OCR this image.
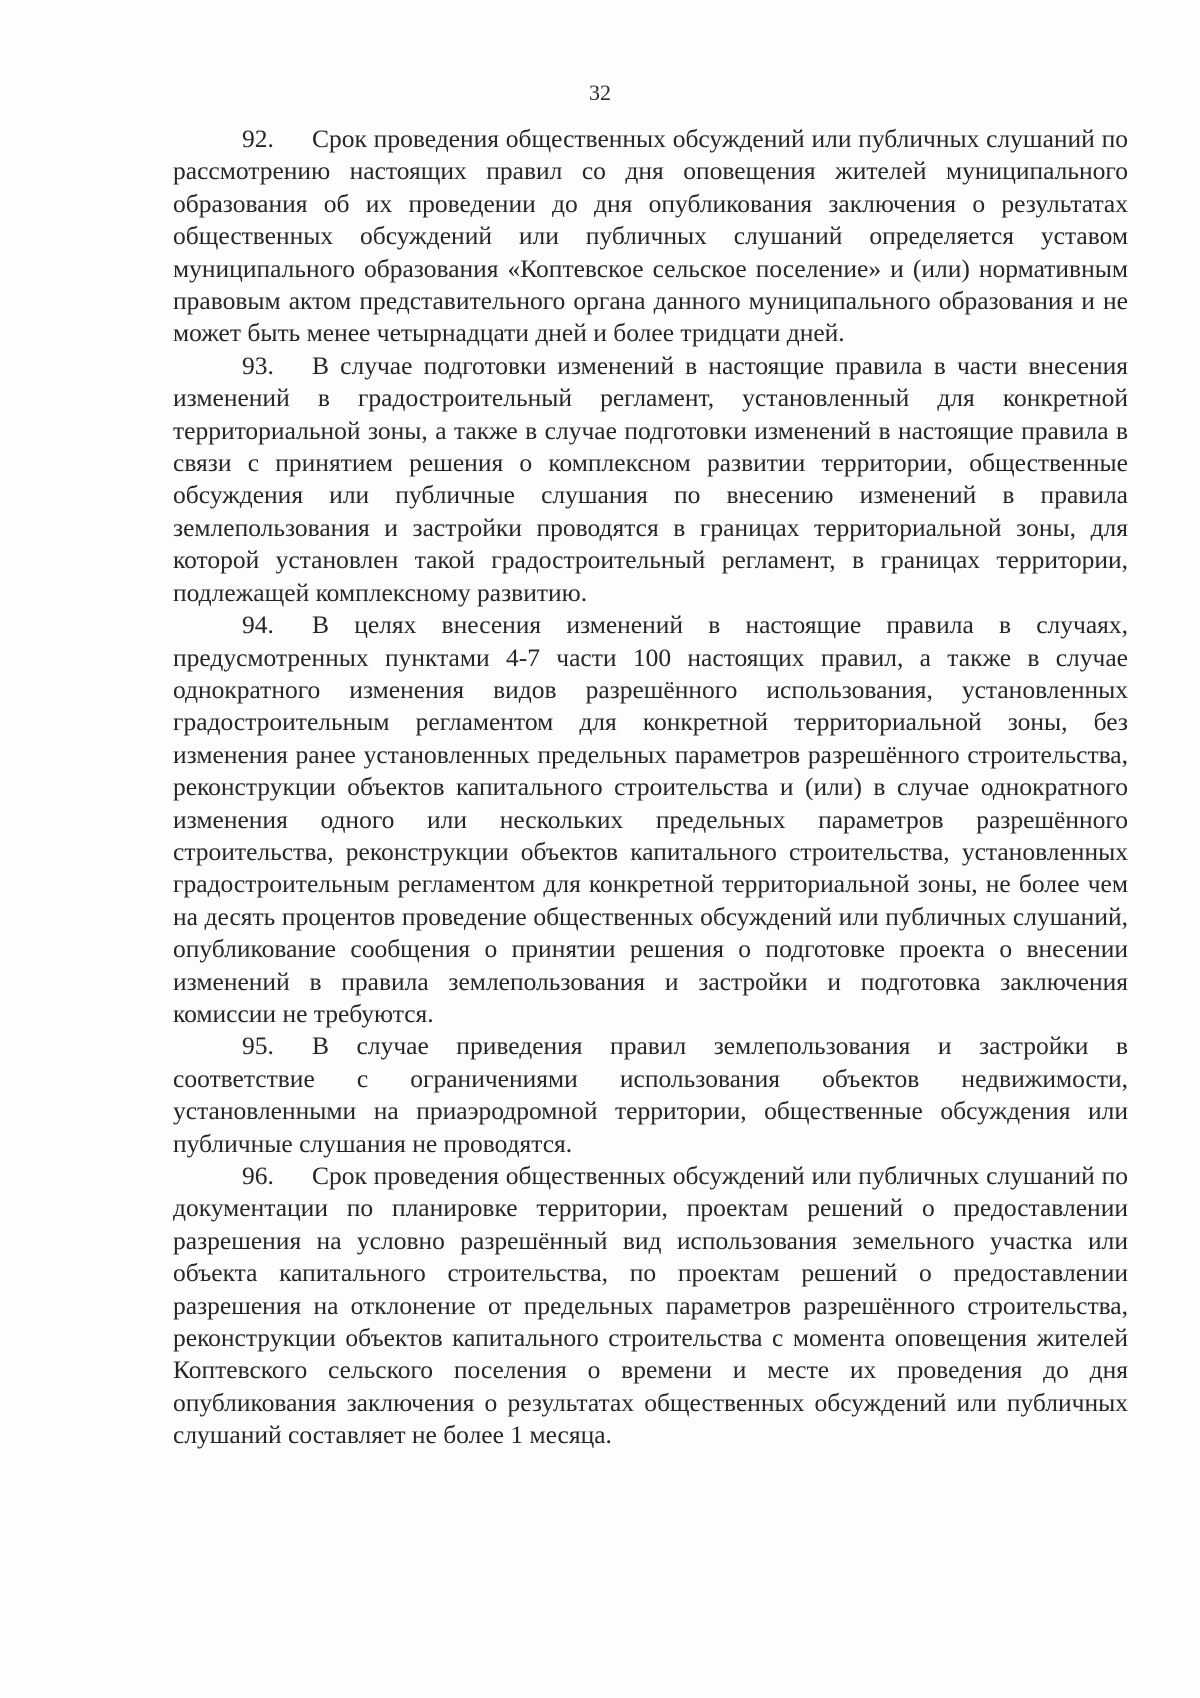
32

92. Срок проведения общественных обсуждений или публичных слушаний по рассмотрению настоящих правил со дня оповещения жителей муниципального образования об их проведении до дня опубликования заключения о результатах общественных обсуждений или публичных слушаний определяется уставом муниципального образования «Коптевское сельское поселение» и (или) нормативным правовым актом представительного органа данного муниципального образования и не может быть менее четырнадцати дней и более тридцати дней.

93. В случае подготовки изменений в настоящие правила в части внесения изменений в градостроительный регламент, установленный для конкретной территориальной зоны, а также в случае подготовки изменений в настоящие правила в связи с принятием решения о комплексном развитии территории, общественные обсуждения или публичные слушания по внесению изменений в правила землепользования и застройки проводятся в границах территориальной зоны, для которой установлен такой градостроительный регламент, в границах территории, подлежащей комплексному развитию.

94. В целях внесения изменений в настоящие правила в случаях, предусмотренных пунктами 4-7 части 100 настоящих правил, а также в случае однократного изменения видов разрешённого использования, установленных градостроительным регламентом для конкретной территориальной зоны, без изменения ранее установленных предельных параметров разрешённого строительства, реконструкции объектов капитального строительства и (или) в случае однократного изменения одного или нескольких предельных параметров разрешённого строительства, реконструкции объектов капитального строительства, установленных градостроительным регламентом для конкретной территориальной зоны, не более чем на десять процентов проведение общественных обсуждений или публичных слушаний, опубликование сообщения о принятии решения о подготовке проекта о внесении изменений в правила землепользования и застройки и подготовка заключения комиссии не требуются.

95. В случае приведения правил землепользования и застройки в соответствие с ограничениями использования объектов недвижимости, установленными на приаэродромной территории, общественные обсуждения или публичные слушания не проводятся.

96. Срок проведения общественных обсуждений или публичных слушаний по документации по планировке территории, проектам решений о предоставлении разрешения на условно разрешённый вид использования земельного участка или объекта капитального строительства, по проектам решений о предоставлении разрешения на отклонение от предельных параметров разрешённого строительства, реконструкции объектов капитального строительства с момента оповещения жителей Коптевского сельского поселения о времени и месте их проведения до дня опубликования заключения о результатах общественных обсуждений или публичных слушаний составляет не более 1 месяца.
